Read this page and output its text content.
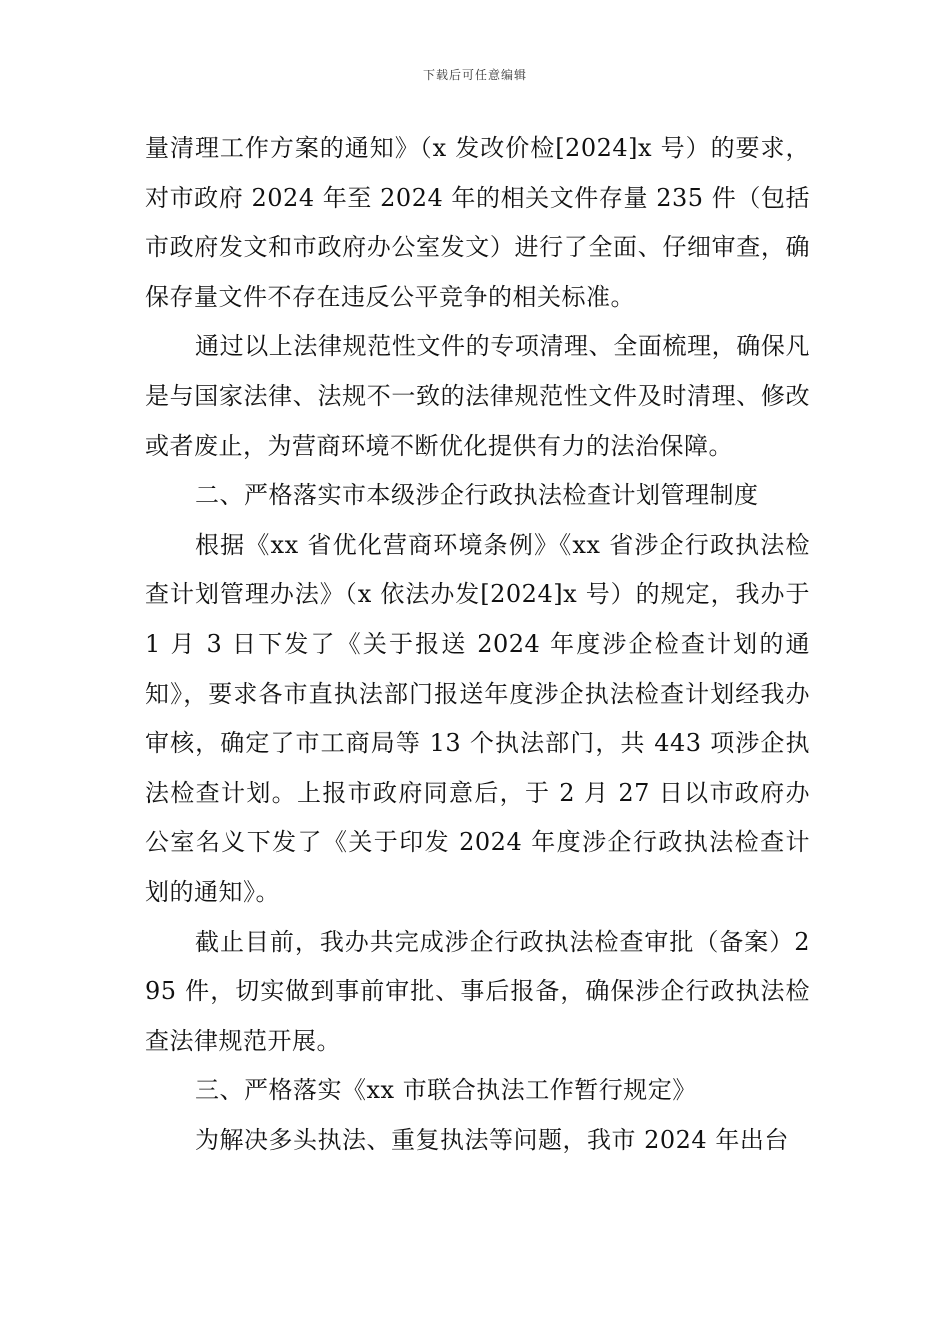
下载后可任意编辑

量清理工作方案的通知》（x 发改价检[2024]x 号）的要求，对市政府 2024 年至 2024 年的相关文件存量 235 件（包括市政府发文和市政府办公室发文）进行了全面、仔细审查，确保存量文件不存在违反公平竞争的相关标准。

通过以上法律规范性文件的专项清理、全面梳理，确保凡是与国家法律、法规不一致的法律规范性文件及时清理、修改或者废止，为营商环境不断优化提供有力的法治保障。

二、严格落实市本级涉企行政执法检查计划管理制度

根据《xx 省优化营商环境条例》《xx 省涉企行政执法检查计划管理办法》（x 依法办发[2024]x 号）的规定，我办于 1 月 3 日下发了《关于报送 2024 年度涉企检查计划的通知》，要求各市直执法部门报送年度涉企执法检查计划经我办审核，确定了市工商局等 13 个执法部门，共 443 项涉企执法检查计划。上报市政府同意后，于 2 月 27 日以市政府办公室名义下发了《关于印发 2024 年度涉企行政执法检查计划的通知》。

截止目前，我办共完成涉企行政执法检查审批（备案）295 件，切实做到事前审批、事后报备，确保涉企行政执法检查法律规范开展。

三、严格落实《xx 市联合执法工作暂行规定》

为解决多头执法、重复执法等问题，我市 2024 年出台
